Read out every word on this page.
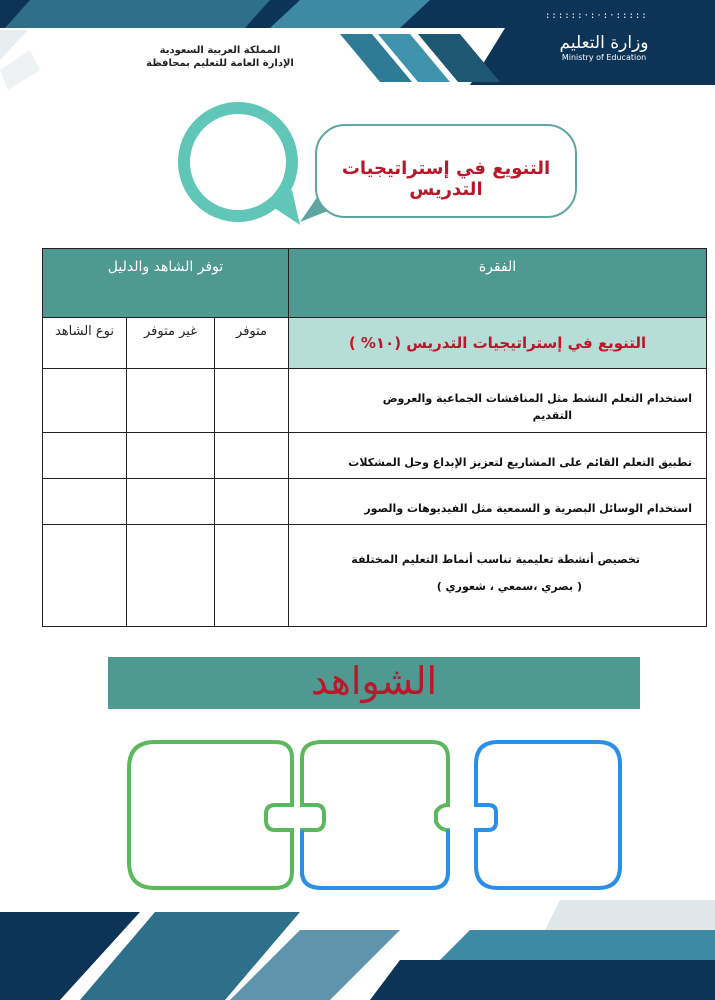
المملكة العربية السعودية
الإدارة العامة للتعليم بمحافظة
::::::·:·:·:::::
وزارة التعليم
Ministry of Education
التنويع في إستراتيجيات التدريس
الفقرة	توفر الشاهد والدليل		

التنويع في إستراتيجيات التدريس (١٠% )	متوفر	غير متوفر	نوع الشاهد

استخدام التعلم النشط مثل المناقشات الجماعية والعروض
التقديم			

تطبيق التعلم القائم على المشاريع لتعزيز الإبداع وحل المشكلات			

استخدام الوسائل البصرية و السمعية مثل الفيديوهات والصور			

تخصيص أنشطة تعليمية تناسب أنماط التعليم المختلفة
( بصري ،سمعي ، شعوري )			

الشواهد
